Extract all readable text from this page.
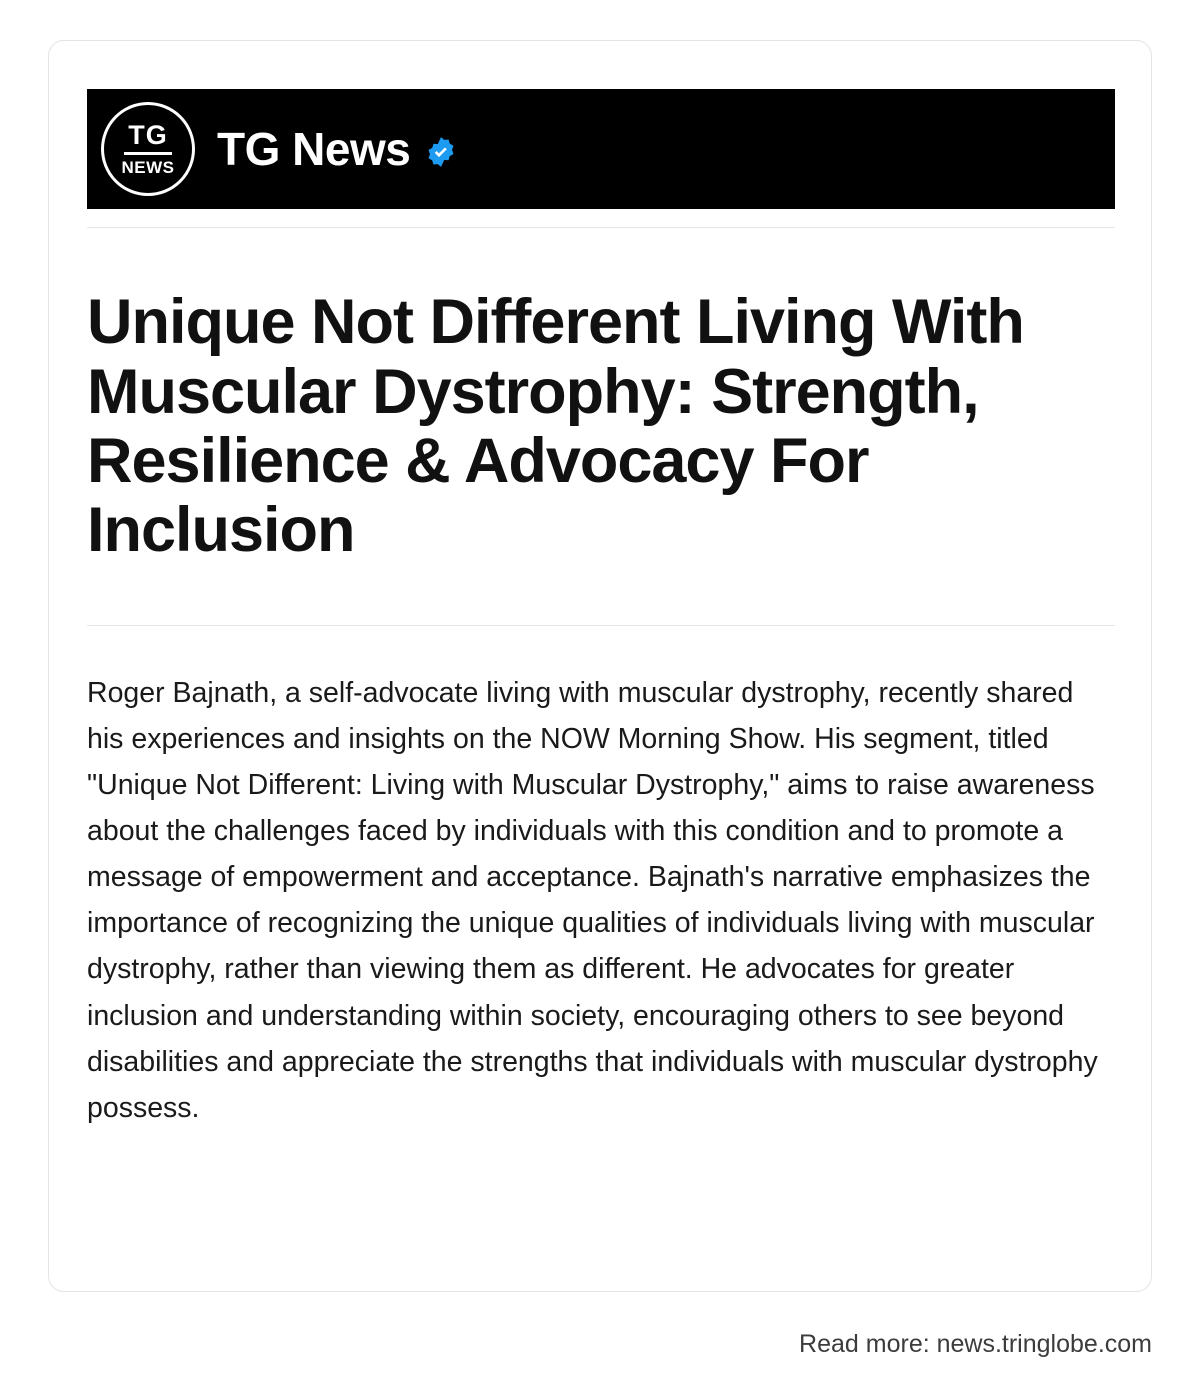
TG
NEWS TG News
Unique Not Different Living With Muscular Dystrophy: Strength, Resilience & Advocacy For Inclusion

Roger Bajnath, a self-advocate living with muscular dystrophy, recently shared his experiences and insights on the NOW Morning Show. His segment, titled "Unique Not Different: Living with Muscular Dystrophy," aims to raise awareness about the challenges faced by individuals with this condition and to promote a message of empowerment and acceptance. Bajnath's narrative emphasizes the importance of recognizing the unique qualities of individuals living with muscular dystrophy, rather than viewing them as different. He advocates for greater inclusion and understanding within society, encouraging others to see beyond disabilities and appreciate the strengths that individuals with muscular dystrophy possess.

Read more: news.tringlobe.com
